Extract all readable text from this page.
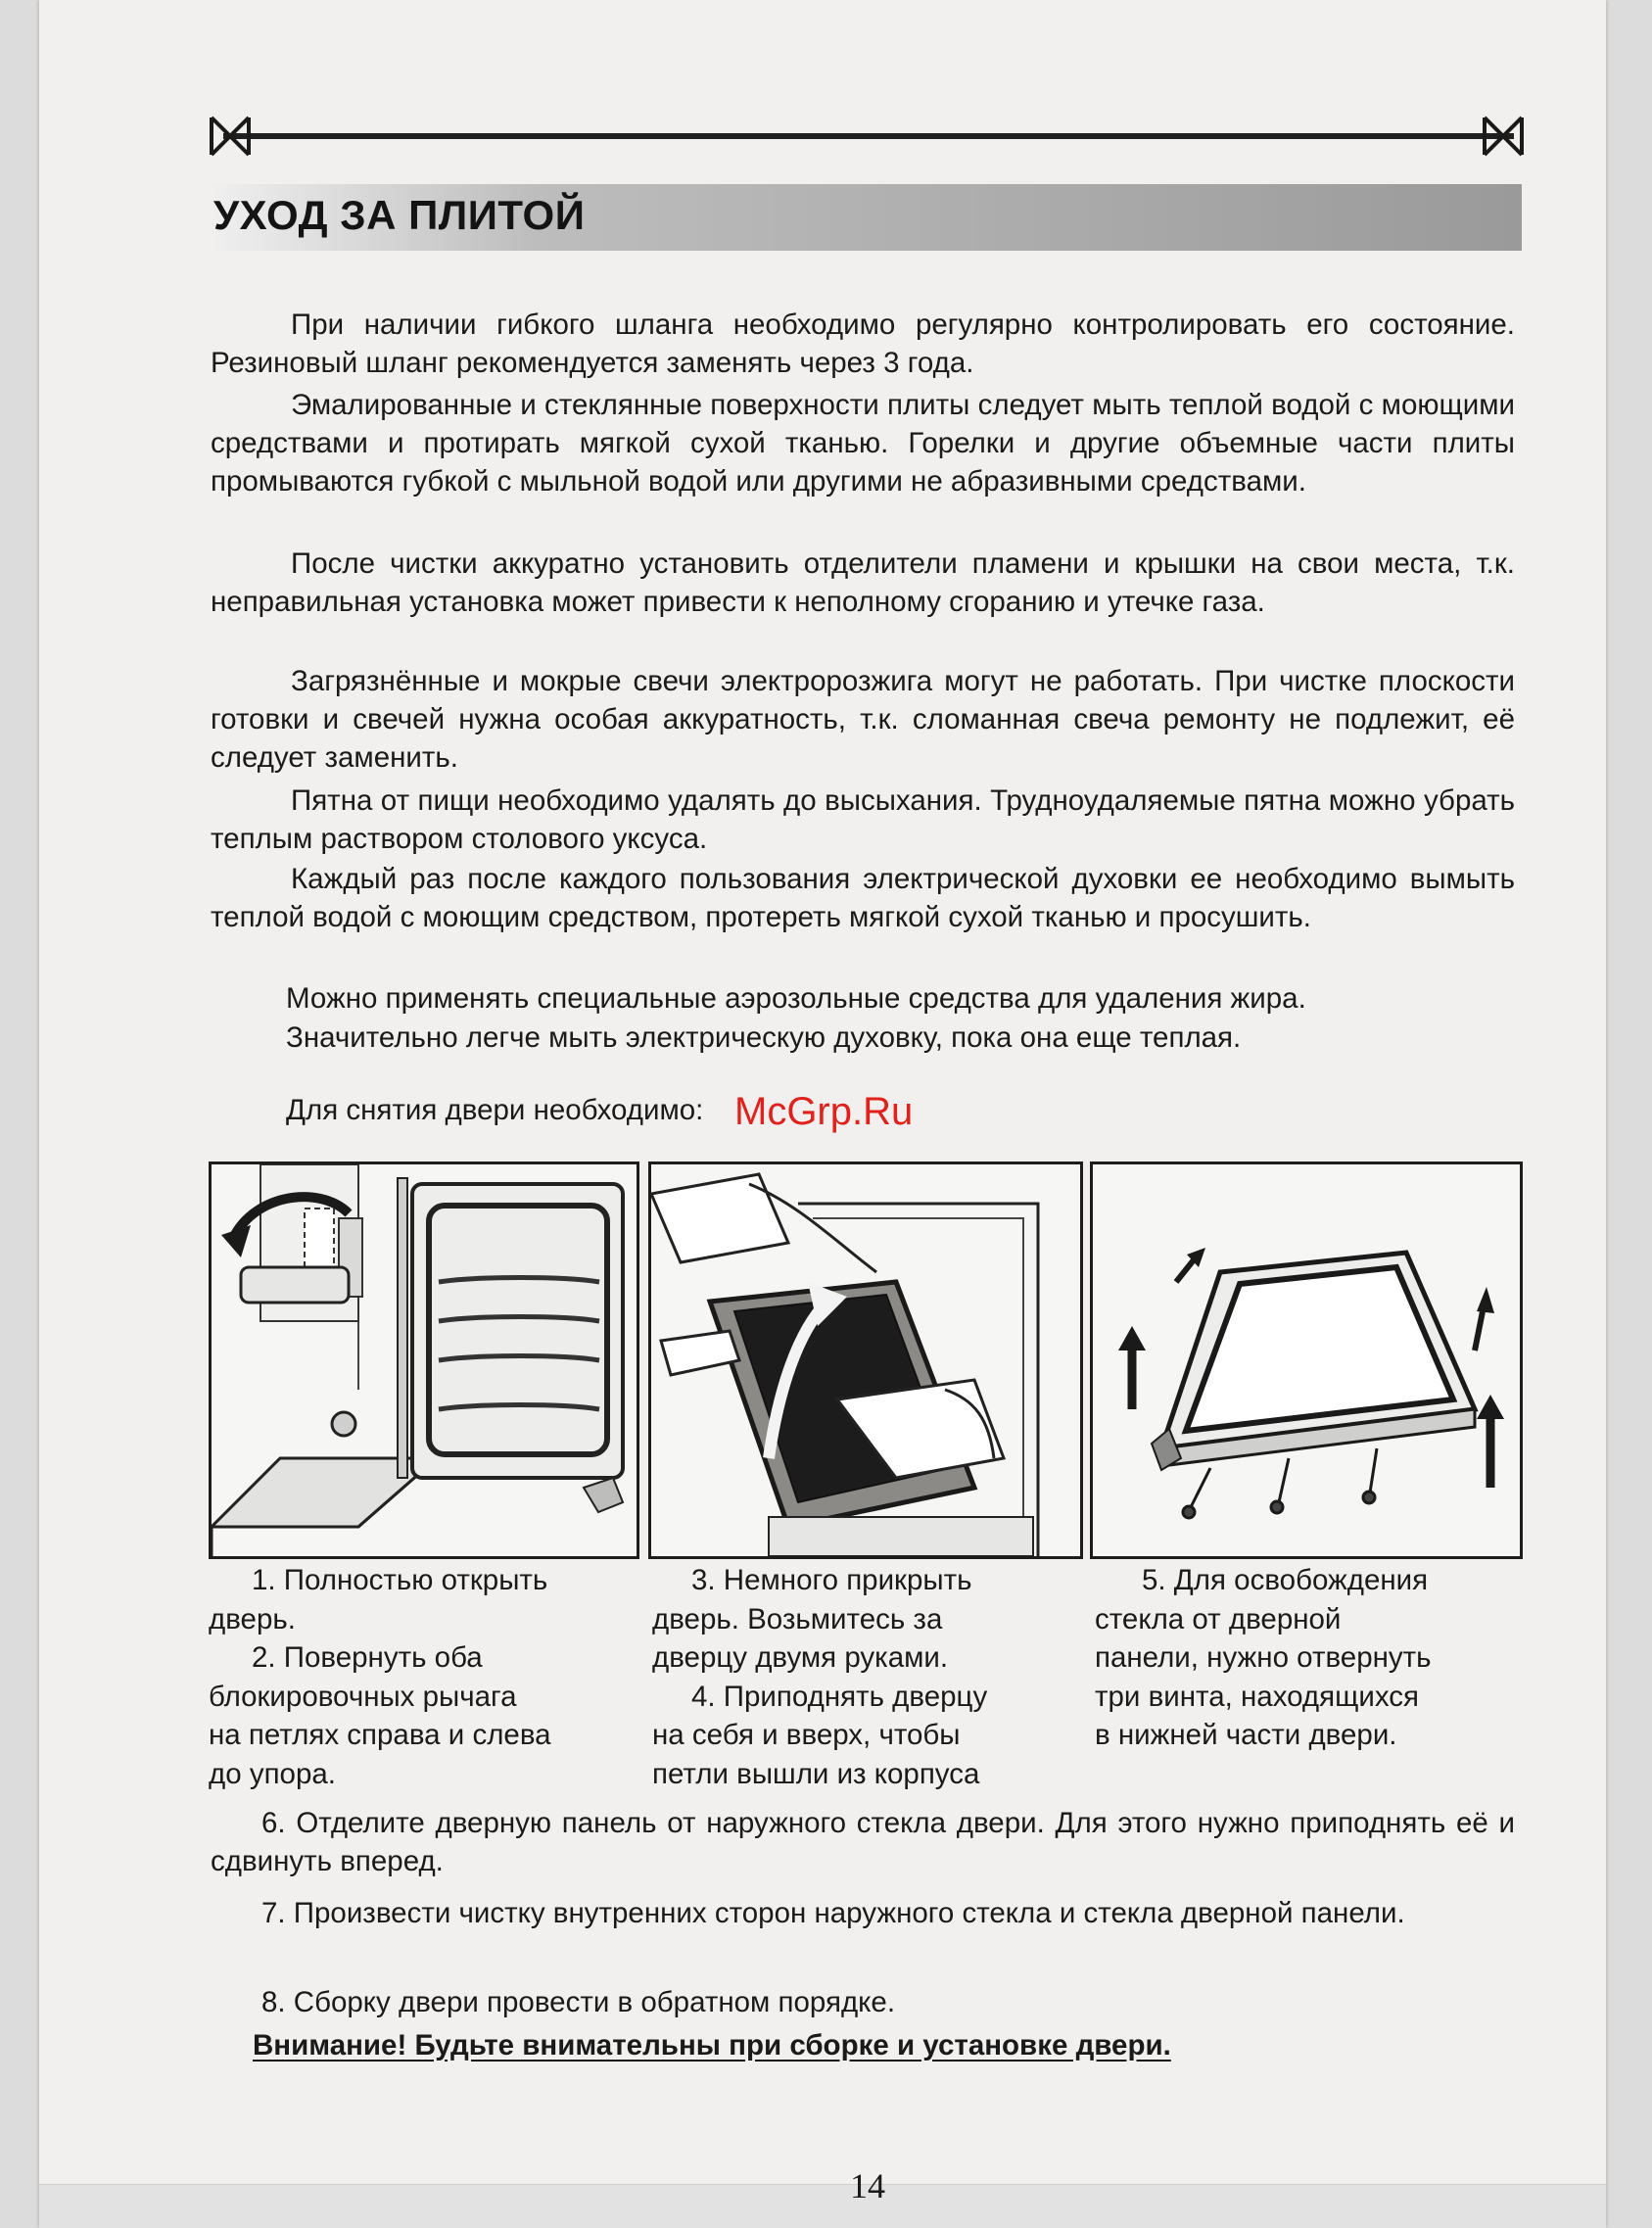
УХОД ЗА ПЛИТОЙ

При наличии гибкого шланга необходимо регулярно контролировать его состояние. Резиновый шланг рекомендуется заменять через 3 года.

Эмалированные и стеклянные поверхности плиты следует мыть теплой водой с моющими средствами и протирать мягкой сухой тканью. Горелки и другие объемные части плиты промываются губкой с мыльной водой или другими не абразивными средствами.

После чистки аккуратно установить отделители пламени и крышки на свои места, т.к. неправильная установка может привести к неполному сгоранию и утечке газа.

Загрязнённые и мокрые свечи электророзжига могут не работать. При чистке плоскости готовки и свечей нужна особая аккуратность, т.к. сломанная свеча ремонту не подлежит, её следует заменить.

Пятна от пищи необходимо удалять до высыхания. Трудноудаляемые пятна можно убрать теплым раствором столового уксуса.

Каждый раз после каждого пользования электрической духовки ее необходимо вымыть теплой водой с моющим средством, протереть мягкой сухой тканью и просушить.

Можно применять специальные аэрозольные средства для удаления жира.

Значительно легче мыть электрическую духовку, пока она еще теплая.

Для снятия двери необходимо:

1. Полностью открыть
дверь.
2. Повернуть оба
блокировочных рычага
на петлях справа и слева
до упора.
3. Немного прикрыть
дверь. Возьмитесь за
дверцу двумя руками.
4. Приподнять дверцу
на себя и вверх, чтобы
петли вышли из корпуса
5. Для освобождения
стекла от дверной
панели, нужно отвернуть
три винта, находящихся
в нижней части двери.

6. Отделите дверную панель от наружного стекла двери. Для этого нужно приподнять её и сдвинуть вперед.

7. Произвести чистку внутренних сторон наружного стекла и стекла дверной панели.

8. Сборку двери провести в обратном порядке.

Внимание! Будьте внимательны при сборке и установке двери.

14

McGrp.Ru
